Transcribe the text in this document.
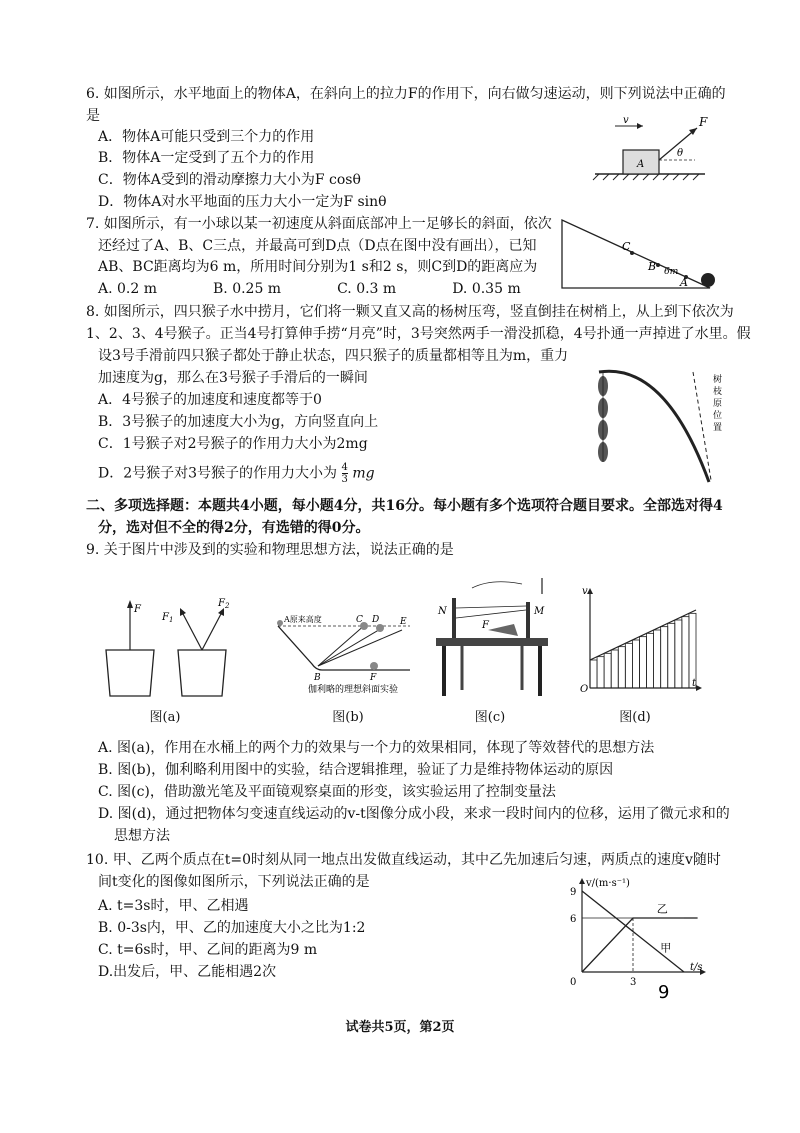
6. 如图所示，水平地面上的物体A，在斜向上的拉力F的作用下，向右做匀速运动，则下列说法中正确的
是
A．物体A可能只受到三个力的作用
B．物体A一定受到了五个力的作用
C．物体A受到的滑动摩擦力大小为F cosθ
D．物体A对水平地面的压力大小一定为F sinθ
v	F
θ
A
7. 如图所示，有一小球以某一初速度从斜面底部冲上一足够长的斜面，依次
还经过了A、B、C三点，并最高可到D点（D点在图中没有画出），已知
AB、BC距离均为6 m，所用时间分别为1 s和2 s，则C到D的距离应为
A. 0.2 m　　　　B. 0.25 m　　　　C. 0.3 m　　　　D. 0.35 m
C
B
A
6m
8. 如图所示，四只猴子水中捞月，它们将一颗又直又高的杨树压弯，竖直倒挂在树梢上，从上到下依次为
1、2、3、4号猴子。正当4号打算伸手捞“月亮”时，3号突然两手一滑没抓稳，4号扑通一声掉进了水里。假
设3号手滑前四只猴子都处于静止状态，四只猴子的质量都相等且为m，重力
加速度为g，那么在3号猴子手滑后的一瞬间
A．4号猴子的加速度和速度都等于0
B．3号猴子的加速度大小为g，方向竖直向上
C．1号猴子对2号猴子的作用力大小为2mg
D．2号猴子对3号猴子的作用力大小为 $\frac{4}{3}$ mg
树枝 原位置
二、多项选择题：本题共4小题，每小题4分，共16分。每小题有多个选项符合题目要求。全部选对得4
分，选对但不全的得2分，有选错的得0分。
9. 关于图片中涉及到的实验和物理思想方法，说法正确的是
F
$F_1$
$F_2$
图(a)
A原来高度	C D E
B	F
伽利略的理想斜面实验
图(b)
N	M
F
图(c)
v
t
O
图(d)
A. 图(a)，作用在水桶上的两个力的效果与一个力的效果相同，体现了等效替代的思想方法
B. 图(b)，伽利略利用图中的实验，结合逻辑推理，验证了力是维持物体运动的原因
C. 图(c)，借助激光笔及平面镜观察桌面的形变，该实验运用了控制变量法
D. 图(d)，通过把物体匀变速直线运动的v-t图像分成小段，来求一段时间内的位移，运用了微元求和的
思想方法
10. 甲、乙两个质点在t=0时刻从同一地点出发做直线运动，其中乙先加速后匀速，两质点的速度v随时
间t变化的图像如图所示，下列说法正确的是
A. t=3s时，甲、乙相遇
B. 0-3s内，甲、乙的加速度大小之比为1:2
C. t=6s时，甲、乙间的距离为9 m
D.出发后，甲、乙能相遇2次
v/(m·s⁻¹)
t/s
6
9
0	3
甲
乙
9
试卷共5页，第2页
